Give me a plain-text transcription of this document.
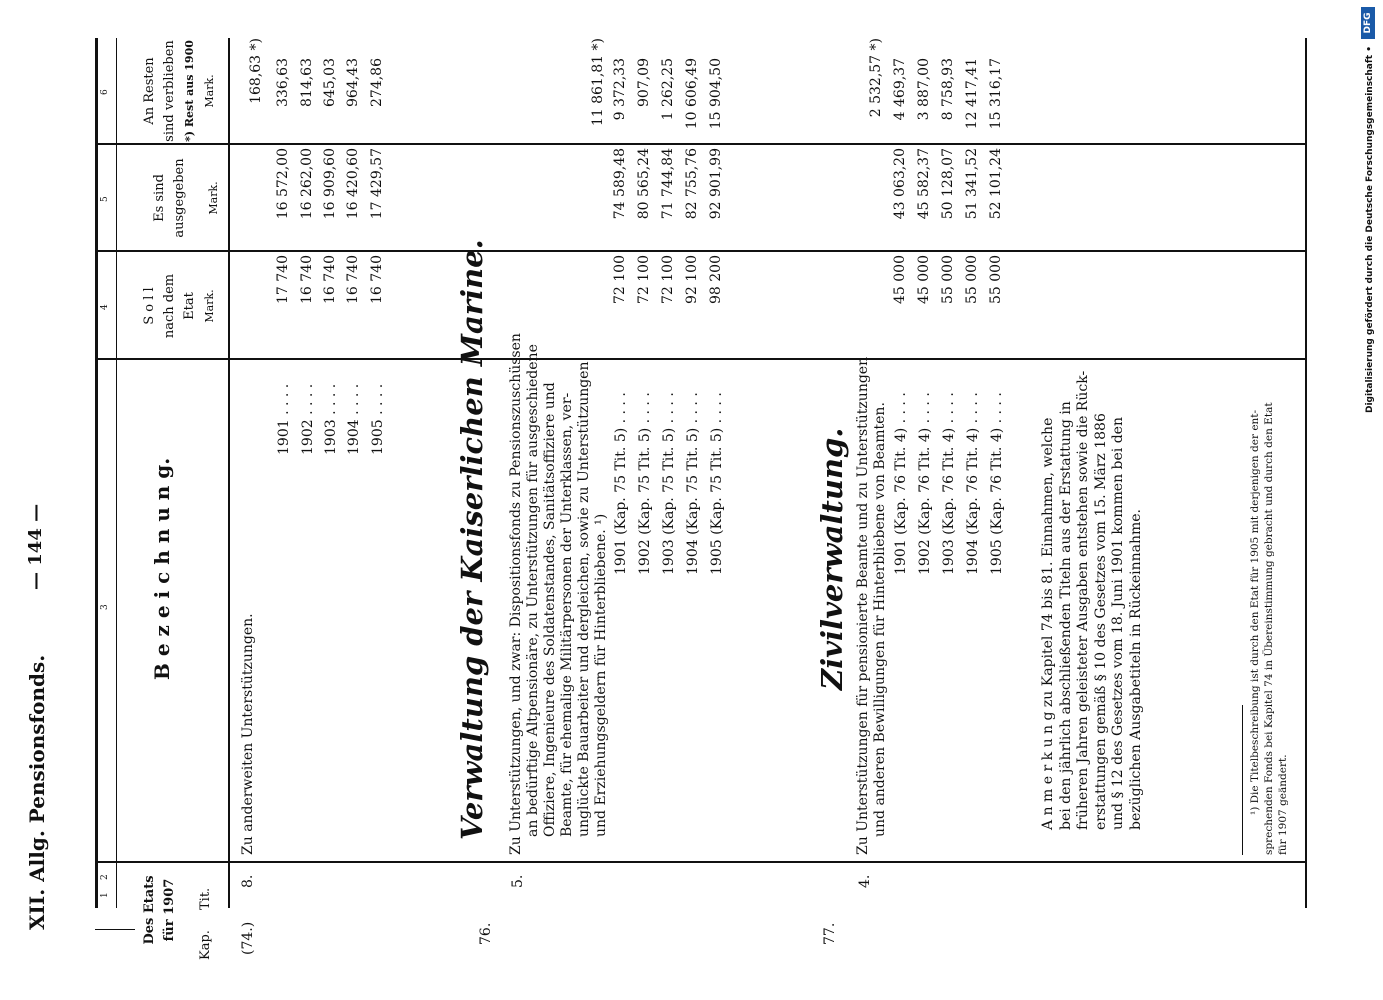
XII. Allg. Pensionsfonds.
— 144 —
1
2
3
4
5
6
Des Etats für 1907
Kap.
Tit.
B e z e i c h n u n g.
S o l l nach dem Etat Mark.
Es sind ausgegeben Mark.
An Resten sind verblieben *) Rest aus 1900 Mark.
(74.)
8.
Zu anderweiten Unterstützungen.
1901 . . . . 1902 . . . . 1903 . . . . 1904 . . . . 1905 . . . .
17 740 16 740 16 740 16 740 16 740
16 572,00 16 262,00 16 909,60 16 420,60 17 429,57
168,63 *) 336,63 814,63 645,03 964,43 274,86
Verwaltung der Kaiserlichen Marine.
76.
5.
Zu Unterstützungen, und zwar: Dispositionsfonds zu Pensionszuschüssen an bedürftige Altpensionäre, zu Unterstützungen für ausgeschiedene Offiziere, Ingenieure des Soldatenstandes, Sanitätsoffiziere und Beamte, für ehemalige Militärpersonen der Unterklassen, ver- unglückte Bauarbeiter und dergleichen, sowie zu Unterstützungen und Erziehungsgeldern für Hinterbliebene. ¹)
1901 (Kap. 75 Tit. 5) . . . . 1902 (Kap. 75 Tit. 5) . . . . 1903 (Kap. 75 Tit. 5) . . . . 1904 (Kap. 75 Tit. 5) . . . . 1905 (Kap. 75 Tit. 5) . . . .
72 100 72 100 72 100 92 100 98 200
74 589,48 80 565,24 71 744,84 82 755,76 92 901,99
11 861,81 *) 9 372,33 907,09 1 262,25 10 606,49 15 904,50
Zivilverwaltung.
77.
4.
Zu Unterstützungen für pensionierte Beamte und zu Unterstützungen und anderen Bewilligungen für Hinterbliebene von Beamten. 1901 (Kap. 76 Tit. 4) . . . . 1902 (Kap. 76 Tit. 4) . . . . 1903 (Kap. 76 Tit. 4) . . . . 1904 (Kap. 76 Tit. 4) . . . . 1905 (Kap. 76 Tit. 4) . . . .
45 000 45 000 55 000 55 000 55 000
43 063,20 45 582,37 50 128,07 51 341,52 52 101,24
2 532,57 *) 4 469,37 3 887,00 8 758,93 12 417,41 15 316,17
A n m e r k u n g zu Kapitel 74 bis 81. Einnahmen, welche bei den jährlich abschließenden Titeln aus der Erstattung in früheren Jahren geleisteter Ausgaben entstehen sowie die Rück- erstattungen gemäß § 10 des Gesetzes vom 15. März 1886 und § 12 des Gesetzes vom 18. Juni 1901 kommen bei den bezüglichen Ausgabetiteln in Rückeinnahme.	¹) Die Titelbeschreibung ist durch den Etat für 1905 mit derjenigen der ent- sprechenden Fonds bei Kapitel 74 in Übereinstimmung gebracht und durch den Etat für 1907 geändert.
DFG
Digitalisierung gefördert durch die Deutsche Forschungsgemeinschaft •
